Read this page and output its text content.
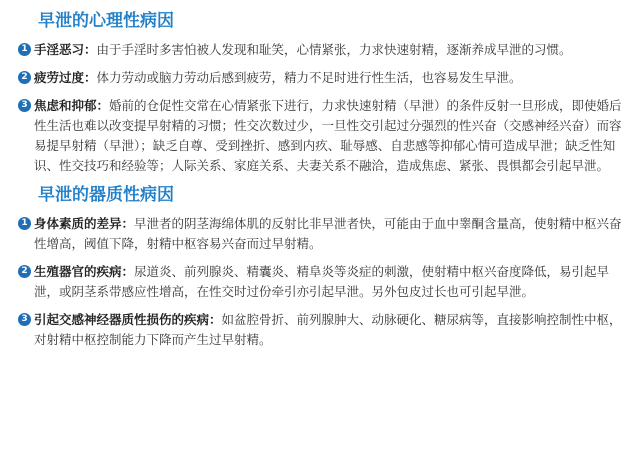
早泄的心理性病因
1 手淫恶习：由于手淫时多害怕被人发现和耻笑，心情紧张，力求快速射精，逐渐养成早泄的习惯。
2 疲劳过度：体力劳动或脑力劳动后感到疲劳，精力不足时进行性生活，也容易发生早泄。
3 焦虑和抑郁：婚前的仓促性交常在心情紧张下进行，力求快速射精（早泄）的条件反射一旦形成，即使婚后性生活也难以改变提早射精的习惯；性交次数过少，一旦性交引起过分强烈的性兴奋（交感神经兴奋）而容易提早射精（早泄）；缺乏自尊、受到挫折、感到内疚、耻辱感、自悲感等抑郁心情可造成早泄；缺乏性知识、性交技巧和经验等；人际关系、家庭关系、夫妻关系不融洽，造成焦虑、紧张、畏惧都会引起早泄。
早泄的器质性病因
1 身体素质的差异：早泄者的阴茎海绵体肌的反射比非早泄者快，可能由于血中睾酮含量高，使射精中枢兴奋性增高，阈值下降，射精中枢容易兴奋而过早射精。
2 生殖器官的疾病：尿道炎、前列腺炎、精囊炎、精阜炎等炎症的刺激，使射精中枢兴奋度降低，易引起早泄，或阴茎系带感应性增高，在性交时过份牵引亦引起早泄。另外包皮过长也可引起早泄。
3 引起交感神经器质性损伤的疾病：如盆腔骨折、前列腺肿大、动脉硬化、糖尿病等，直接影响控制性中枢，对射精中枢控制能力下降而产生过早射精。
